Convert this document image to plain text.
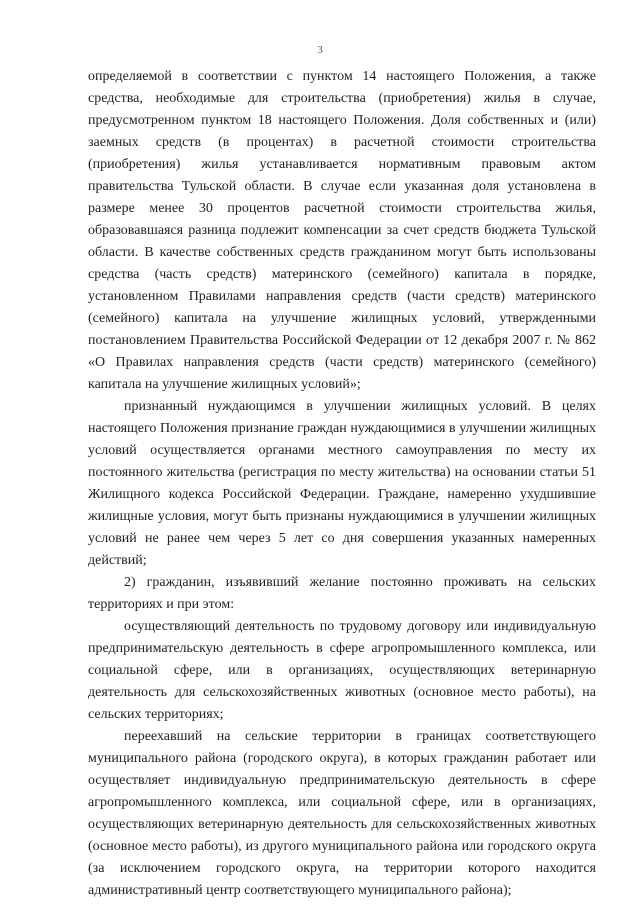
3

определяемой в соответствии с пунктом 14 настоящего Положения, а также средства, необходимые для строительства (приобретения) жилья в случае, предусмотренном пунктом 18 настоящего Положения. Доля собственных и (или) заемных средств (в процентах) в расчетной стоимости строительства (приобретения) жилья устанавливается нормативным правовым актом правительства Тульской области. В случае если указанная доля установлена в размере менее 30 процентов расчетной стоимости строительства жилья, образовавшаяся разница подлежит компенсации за счет средств бюджета Тульской области. В качестве собственных средств гражданином могут быть использованы средства (часть средств) материнского (семейного) капитала в порядке, установленном Правилами направления средств (части средств) материнского (семейного) капитала на улучшение жилищных условий, утвержденными постановлением Правительства Российской Федерации от 12 декабря 2007 г. № 862 «О Правилах направления средств (части средств) материнского (семейного) капитала на улучшение жилищных условий»;

признанный нуждающимся в улучшении жилищных условий. В целях настоящего Положения признание граждан нуждающимися в улучшении жилищных условий осуществляется органами местного самоуправления по месту их постоянного жительства (регистрация по месту жительства) на основании статьи 51 Жилищного кодекса Российской Федерации. Граждане, намеренно ухудшившие жилищные условия, могут быть признаны нуждающимися в улучшении жилищных условий не ранее чем через 5 лет со дня совершения указанных намеренных действий;

2) гражданин, изъявивший желание постоянно проживать на сельских территориях и при этом:

осуществляющий деятельность по трудовому договору или индивидуальную предпринимательскую деятельность в сфере агропромышленного комплекса, или социальной сфере, или в организациях, осуществляющих ветеринарную деятельность для сельскохозяйственных животных (основное место работы), на сельских территориях;

переехавший на сельские территории в границах соответствующего муниципального района (городского округа), в которых гражданин работает или осуществляет индивидуальную предпринимательскую деятельность в сфере агропромышленного комплекса, или социальной сфере, или в организациях, осуществляющих ветеринарную деятельность для сельскохозяйственных животных (основное место работы), из другого муниципального района или городского округа (за исключением городского округа, на территории которого находится административный центр соответствующего муниципального района);
